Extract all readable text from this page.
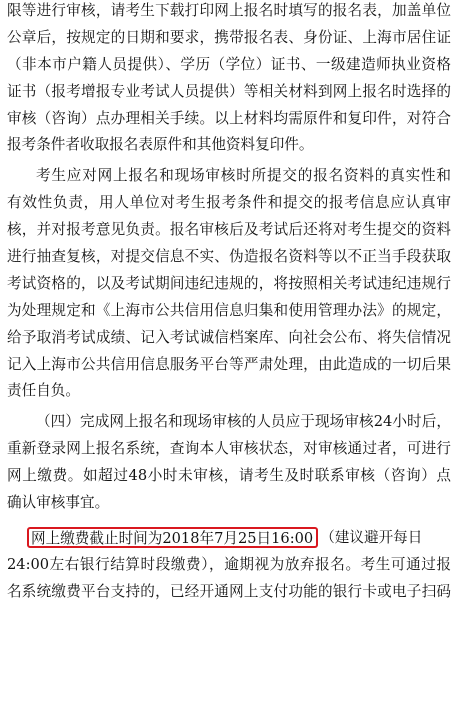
限等进行审核，请考生下载打印网上报名时填写的报名表，加盖单位
公章后，按规定的日期和要求，携带报名表、身份证、上海市居住证
（非本市户籍人员提供）、学历（学位）证书、一级建造师执业资格
证书（报考增报专业考试人员提供）等相关材料到网上报名时选择的
审核（咨询）点办理相关手续。以上材料均需原件和复印件，对符合
报考条件者收取报名表原件和其他资料复印件。
考生应对网上报名和现场审核时所提交的报名资料的真实性和
有效性负责，用人单位对考生报考条件和提交的报考信息应认真审
核，并对报考意见负责。报名审核后及考试后还将对考生提交的资料
进行抽查复核，对提交信息不实、伪造报名资料等以不正当手段获取
考试资格的，以及考试期间违纪违规的，将按照相关考试违纪违规行
为处理规定和《上海市公共信用信息归集和使用管理办法》的规定，
给予取消考试成绩、记入考试诚信档案库、向社会公布、将失信情况
记入上海市公共信用信息服务平台等严肃处理，由此造成的一切后果
责任自负。
（四）完成网上报名和现场审核的人员应于现场审核24小时后，
重新登录网上报名系统，查询本人审核状态，对审核通过者，可进行
网上缴费。如超过48小时未审核，请考生及时联系审核（咨询）点
确认审核事宜。
网上缴费截止时间为2018年7月25日16:00 （建议避开每日
24:00左右银行结算时段缴费），逾期视为放弃报名。考生可通过报
名系统缴费平台支持的，已经开通网上支付功能的银行卡或电子扫码
